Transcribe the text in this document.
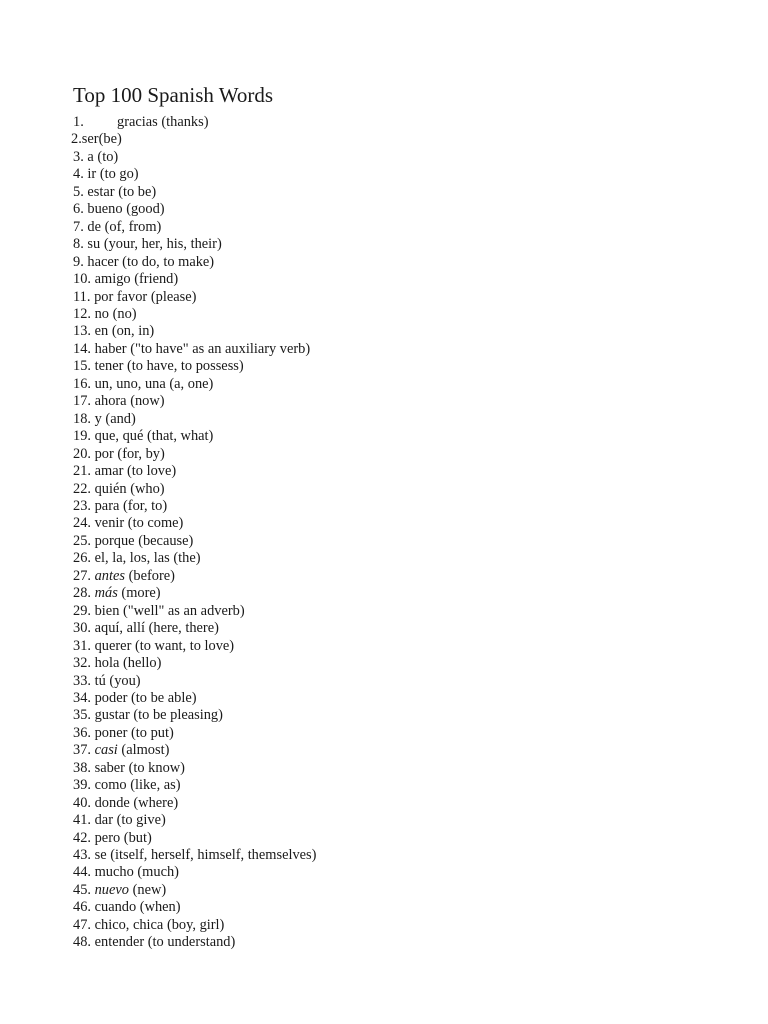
Top 100 Spanish Words
1. gracias (thanks)
2.ser(be)
3. a (to)
4. ir (to go)
5. estar (to be)
6. bueno (good)
7. de (of, from)
8. su (your, her, his, their)
9. hacer (to do, to make)
10. amigo (friend)
11. por favor (please)
12. no (no)
13. en (on, in)
14. haber ("to have" as an auxiliary verb)
15. tener (to have, to possess)
16. un, uno, una (a, one)
17. ahora (now)
18. y (and)
19. que, qué (that, what)
20. por (for, by)
21. amar (to love)
22. quién (who)
23. para (for, to)
24. venir (to come)
25. porque (because)
26. el, la, los, las (the)
27. antes (before)
28. más (more)
29. bien ("well" as an adverb)
30. aquí, allí (here, there)
31. querer (to want, to love)
32. hola (hello)
33. tú (you)
34. poder (to be able)
35. gustar (to be pleasing)
36. poner (to put)
37. casi (almost)
38. saber (to know)
39. como (like, as)
40. donde (where)
41. dar (to give)
42. pero (but)
43. se (itself, herself, himself, themselves)
44. mucho (much)
45. nuevo (new)
46. cuando (when)
47. chico, chica (boy, girl)
48. entender (to understand)
